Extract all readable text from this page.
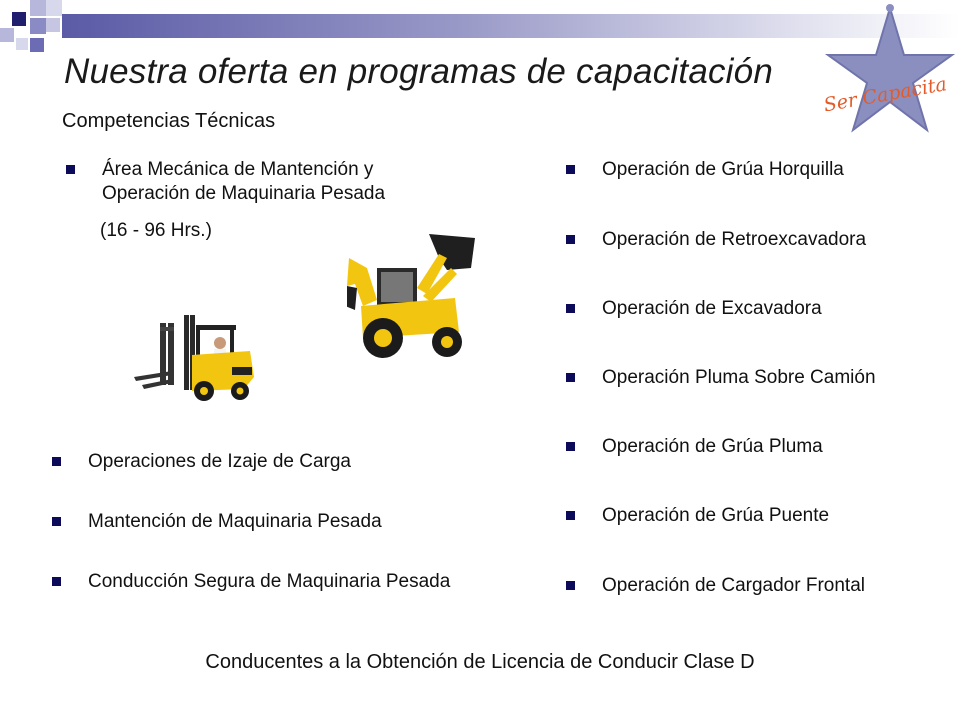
Ser Capacita
Nuestra oferta en programas de capacitación
Competencias Técnicas
Área Mecánica de Mantención y
Operación de Maquinaria Pesada
(16 - 96 Hrs.)
Operaciones de Izaje de Carga
Mantención de Maquinaria Pesada
Conducción Segura de Maquinaria Pesada
Operación de Grúa Horquilla
Operación de Retroexcavadora
Operación de Excavadora
Operación Pluma Sobre Camión
Operación de Grúa Pluma
Operación de Grúa Puente
Operación de Cargador Frontal
Conducentes a la Obtención de Licencia de Conducir Clase D
